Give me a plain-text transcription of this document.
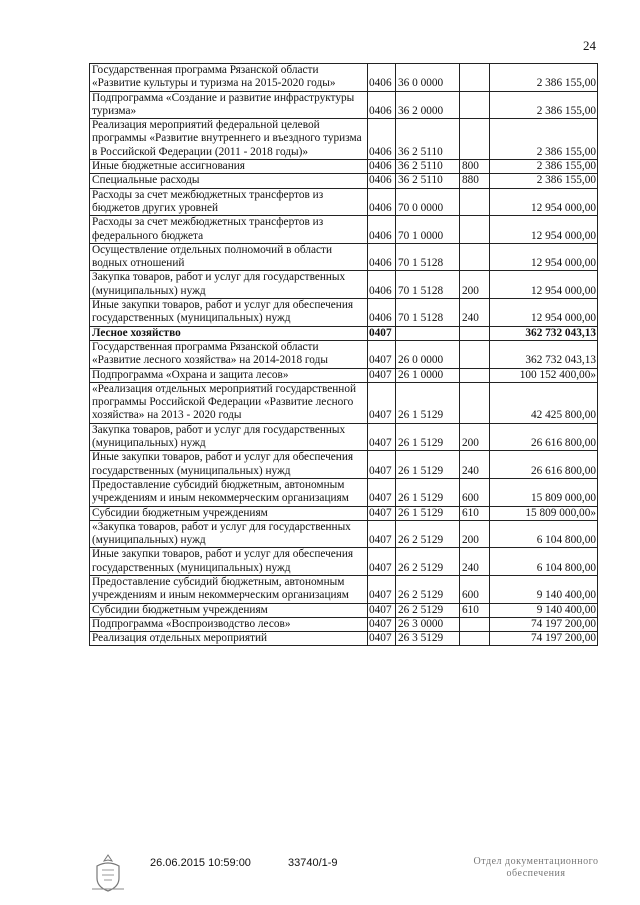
24
Государственная программа Рязанской области «Развитие культуры и туризма на 2015-2020 годы»	0406	36 0 0000		2 386 155,00
Подпрограмма «Создание и развитие инфраструктуры туризма»	0406	36 2 0000		2 386 155,00
Реализация мероприятий федеральной целевой программы «Развитие внутреннего и въездного туризма в Российской Федерации (2011 - 2018 годы)»	0406	36 2 5110		2 386 155,00
Иные бюджетные ассигнования	0406	36 2 5110	800	2 386 155,00
Специальные расходы	0406	36 2 5110	880	2 386 155,00
Расходы за счет межбюджетных трансфертов из бюджетов других уровней	0406	70 0 0000		12 954 000,00
Расходы за счет межбюджетных трансфертов из федерального бюджета	0406	70 1 0000		12 954 000,00
Осуществление отдельных полномочий в области водных отношений	0406	70 1 5128		12 954 000,00
Закупка товаров, работ и услуг для государственных (муниципальных) нужд	0406	70 1 5128	200	12 954 000,00
Иные закупки товаров, работ и услуг для обеспечения государственных (муниципальных) нужд	0406	70 1 5128	240	12 954 000,00
Лесное хозяйство	0407			362 732 043,13
Государственная программа Рязанской области «Развитие лесного хозяйства» на 2014-2018 годы	0407	26 0 0000		362 732 043,13
Подпрограмма «Охрана и защита лесов»	0407	26 1 0000		100 152 400,00»
«Реализация отдельных мероприятий государственной программы Российской Федерации «Развитие лесного хозяйства» на 2013 - 2020 годы	0407	26 1 5129		42 425 800,00
Закупка товаров, работ и услуг для государственных (муниципальных) нужд	0407	26 1 5129	200	26 616 800,00
Иные закупки товаров, работ и услуг для обеспечения государственных (муниципальных) нужд	0407	26 1 5129	240	26 616 800,00
Предоставление субсидий бюджетным, автономным учреждениям и иным некоммерческим организациям	0407	26 1 5129	600	15 809 000,00
Субсидии бюджетным учреждениям	0407	26 1 5129	610	15 809 000,00»
«Закупка товаров, работ и услуг для государственных (муниципальных) нужд	0407	26 2 5129	200	6 104 800,00
Иные закупки товаров, работ и услуг для обеспечения государственных (муниципальных) нужд	0407	26 2 5129	240	6 104 800,00
Предоставление субсидий бюджетным, автономным учреждениям и иным некоммерческим организациям	0407	26 2 5129	600	9 140 400,00
Субсидии бюджетным учреждениям	0407	26 2 5129	610	9 140 400,00
Подпрограмма «Воспроизводство лесов»	0407	26 3 0000		74 197 200,00
Реализация отдельных мероприятий	0407	26 3 5129		74 197 200,00
26.06.2015 10:59:00	33740/1-9	Отдел документационного
обеспечения
